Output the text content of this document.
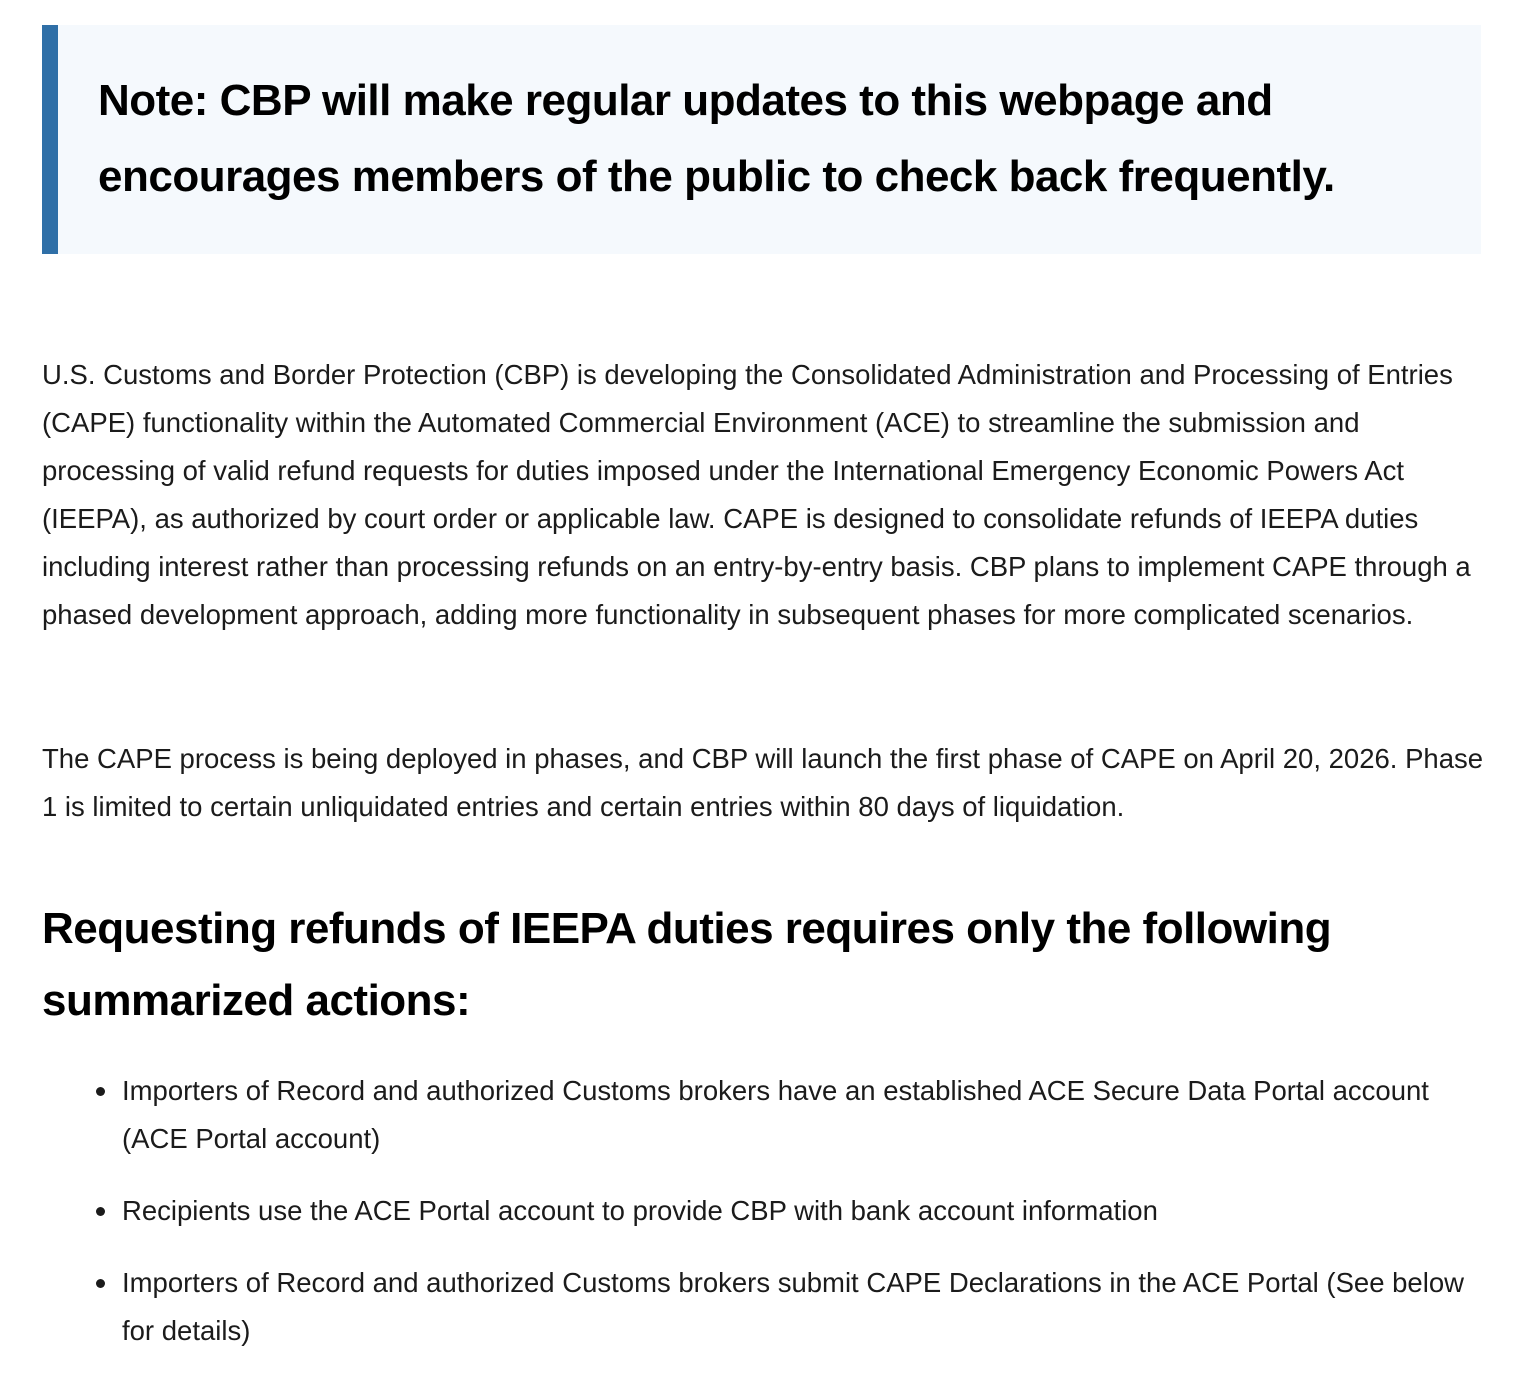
Note: CBP will make regular updates to this webpage and encourages members of the public to check back frequently.

U.S. Customs and Border Protection (CBP) is developing the Consolidated Administration and Processing of Entries (CAPE) functionality within the Automated Commercial Environment (ACE) to streamline the submission and processing of valid refund requests for duties imposed under the International Emergency Economic Powers Act (IEEPA), as authorized by court order or applicable law. CAPE is designed to consolidate refunds of IEEPA duties including interest rather than processing refunds on an entry-by-entry basis. CBP plans to implement CAPE through a phased development approach, adding more functionality in subsequent phases for more complicated scenarios.

The CAPE process is being deployed in phases, and CBP will launch the first phase of CAPE on April 20, 2026. Phase 1 is limited to certain unliquidated entries and certain entries within 80 days of liquidation.

Requesting refunds of IEEPA duties requires only the following summarized actions:
Importers of Record and authorized Customs brokers have an established ACE Secure Data Portal account (ACE Portal account)
Recipients use the ACE Portal account to provide CBP with bank account information
Importers of Record and authorized Customs brokers submit CAPE Declarations in the ACE Portal (See below for details)
